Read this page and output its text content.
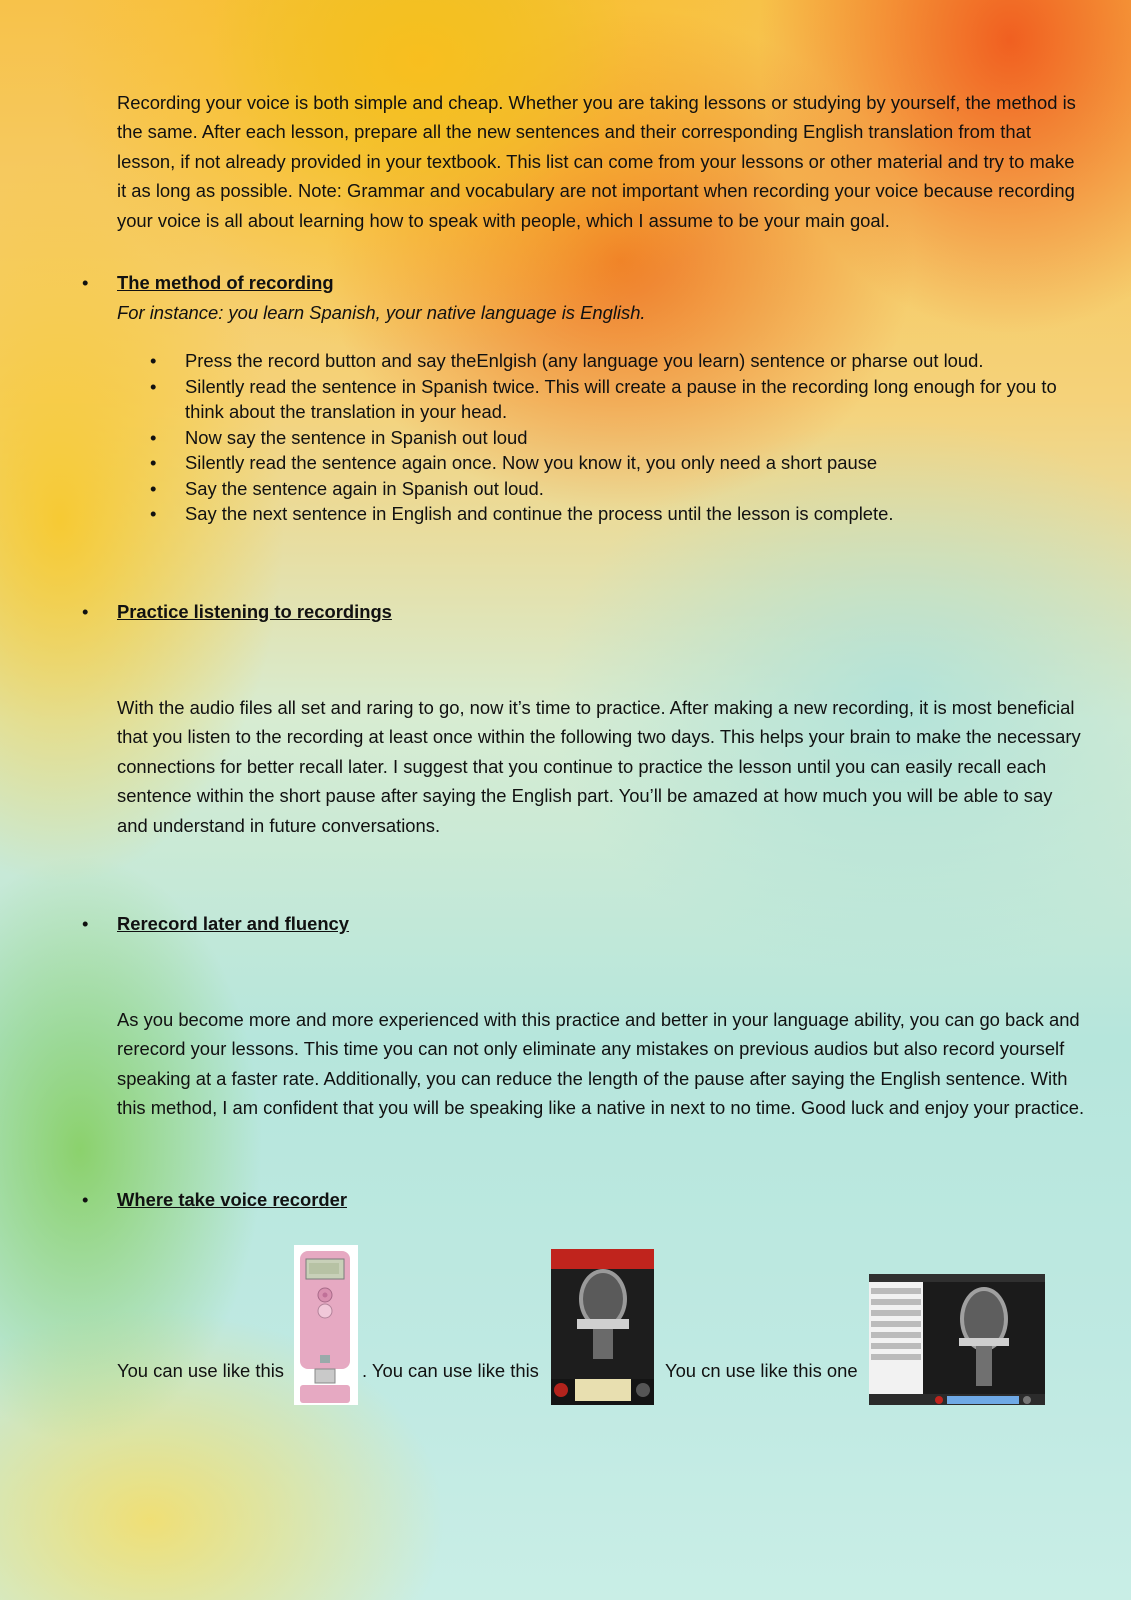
Recording your voice is both simple and cheap. Whether you are taking lessons or studying by yourself, the method is the same. After each lesson, prepare all the new sentences and their corresponding English translation from that lesson, if not already provided in your textbook. This list can come from your lessons or other material and try to make it as long as possible. Note: Grammar and vocabulary are not important when recording your voice because recording your voice is all about learning how to speak with people, which I assume to be your main goal.

• The method of recording
For instance: you learn Spanish, your native language is English.
• Press the record button and say theEnlgish (any language you learn) sentence or pharse out loud.
• Silently read the sentence in Spanish twice. This will create a pause in the recording long enough for you to think about the translation in your head.
• Now say the sentence in Spanish out loud
• Silently read the sentence again once. Now you know it, you only need a short pause
• Say the sentence again in Spanish out loud.
• Say the next sentence in English and continue the process until the lesson is complete.
• Practice listening to recordings

With the audio files all set and raring to go, now it’s time to practice. After making a new recording, it is most beneficial that you listen to the recording at least once within the following two days. This helps your brain to make the necessary connections for better recall later. I suggest that you continue to practice the lesson until you can easily recall each sentence within the short pause after saying the English part. You’ll be amazed at how much you will be able to say and understand in future conversations.

• Rerecord later and fluency

As you become more and more experienced with this practice and better in your language ability, you can go back and rerecord your lessons. This time you can not only eliminate any mistakes on previous audios but also record yourself speaking at a faster rate. Additionally, you can reduce the length of the pause after saying the English sentence. With this method, I am confident that you will be speaking like a native in next to no time. Good luck and enjoy your practice.

• Where take voice recorder
You can use like this	. You can use like this	You cn use like this one
